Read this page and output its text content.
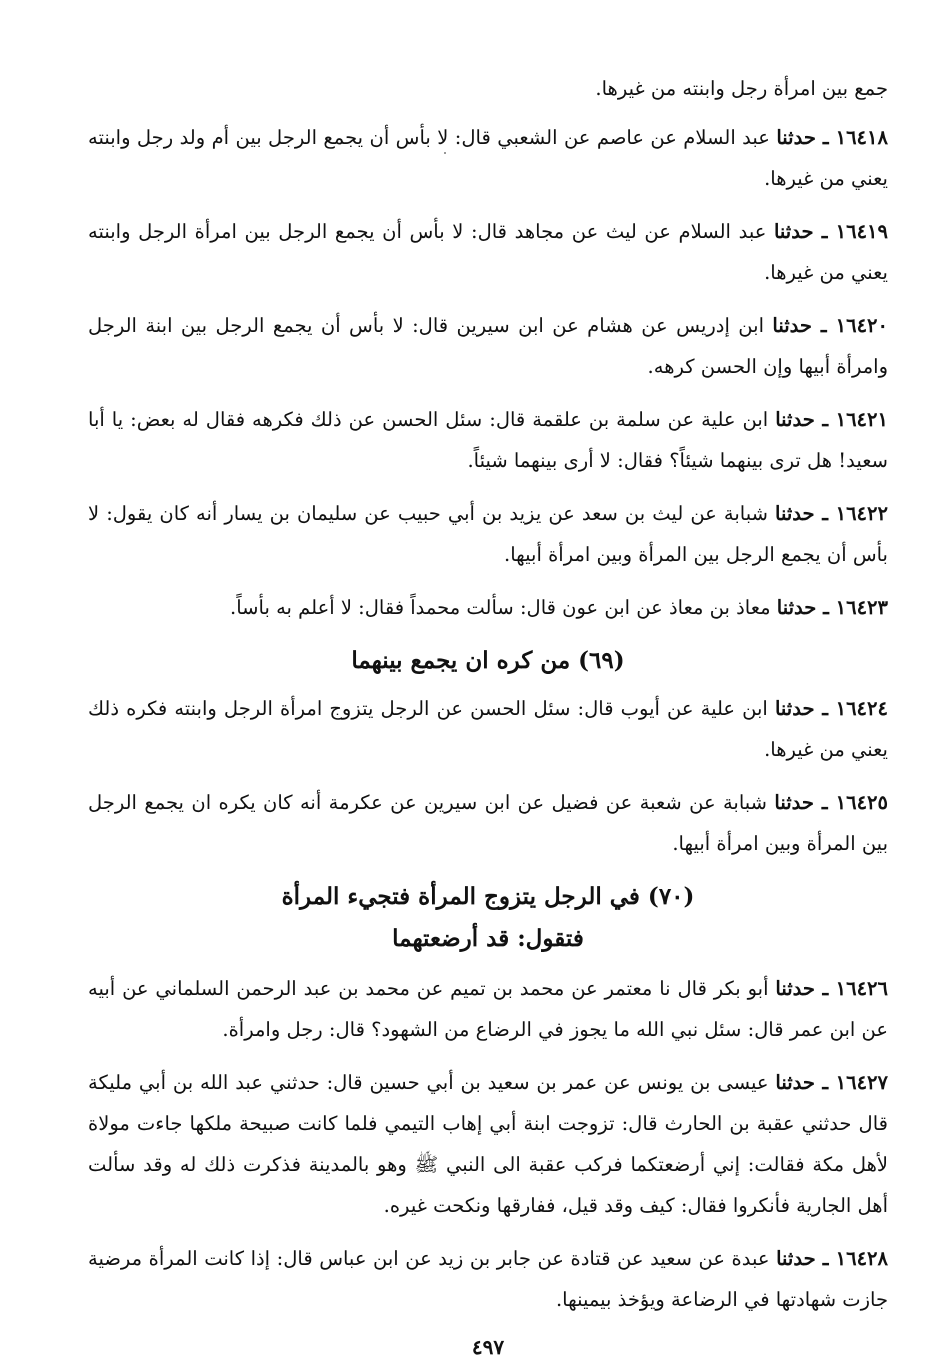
جمع بين امرأة رجل وابنته من غيرها.

١٦٤١٨ ـ حدثنا عبد السلام عن عاصم عن الشعبي قال: لا بأس أن يجمع الرجل بين أم ولد رجل وابنته يعني من غيرها.

١٦٤١٩ ـ حدثنا عبد السلام عن ليث عن مجاهد قال: لا بأس أن يجمع الرجل بين امرأة الرجل وابنته يعني من غيرها.

١٦٤٢٠ ـ حدثنا ابن إدريس عن هشام عن ابن سيرين قال: لا بأس أن يجمع الرجل بين ابنة الرجل وامرأة أبيها وإن الحسن كرهه.

١٦٤٢١ ـ حدثنا ابن علية عن سلمة بن علقمة قال: سئل الحسن عن ذلك فكرهه فقال له بعض: يا أبا سعيد! هل ترى بينهما شيئاً؟ فقال: لا أرى بينهما شيئاً.

١٦٤٢٢ ـ حدثنا شبابة عن ليث بن سعد عن يزيد بن أبي حبيب عن سليمان بن يسار أنه كان يقول: لا بأس أن يجمع الرجل بين المرأة وبين امرأة أبيها.

١٦٤٢٣ ـ حدثنا معاذ بن معاذ عن ابن عون قال: سألت محمداً فقال: لا أعلم به بأساً.

(٦٩) من كره ان يجمع بينهما

١٦٤٢٤ ـ حدثنا ابن علية عن أيوب قال: سئل الحسن عن الرجل يتزوج امرأة الرجل وابنته فكره ذلك يعني من غيرها.

١٦٤٢٥ ـ حدثنا شبابة عن شعبة عن فضيل عن ابن سيرين عن عكرمة أنه كان يكره ان يجمع الرجل بين المرأة وبين امرأة أبيها.

(٧٠) في الرجل يتزوج المرأة فتجيء المرأة
فتقول: قد أرضعتهما

١٦٤٢٦ ـ حدثنا أبو بكر قال نا معتمر عن محمد بن تميم عن محمد بن عبد الرحمن السلماني عن أبيه عن ابن عمر قال: سئل نبي الله ما يجوز في الرضاع من الشهود؟ قال: رجل وامرأة.

١٦٤٢٧ ـ حدثنا عيسى بن يونس عن عمر بن سعيد بن أبي حسين قال: حدثني عبد الله بن أبي مليكة قال حدثني عقبة بن الحارث قال: تزوجت ابنة أبي إهاب التيمي فلما كانت صبيحة ملكها جاءت مولاة لأهل مكة فقالت: إني أرضعتكما فركب عقبة الى النبي ﷺ وهو بالمدينة فذكرت ذلك له وقد سألت أهل الجارية فأنكروا فقال: كيف وقد قيل، ففارقها ونكحت غيره.

١٦٤٢٨ ـ حدثنا عبدة عن سعيد عن قتادة عن جابر بن زيد عن ابن عباس قال: إذا كانت المرأة مرضية جازت شهادتها في الرضاعة ويؤخذ بيمينها.

٤٩٧
